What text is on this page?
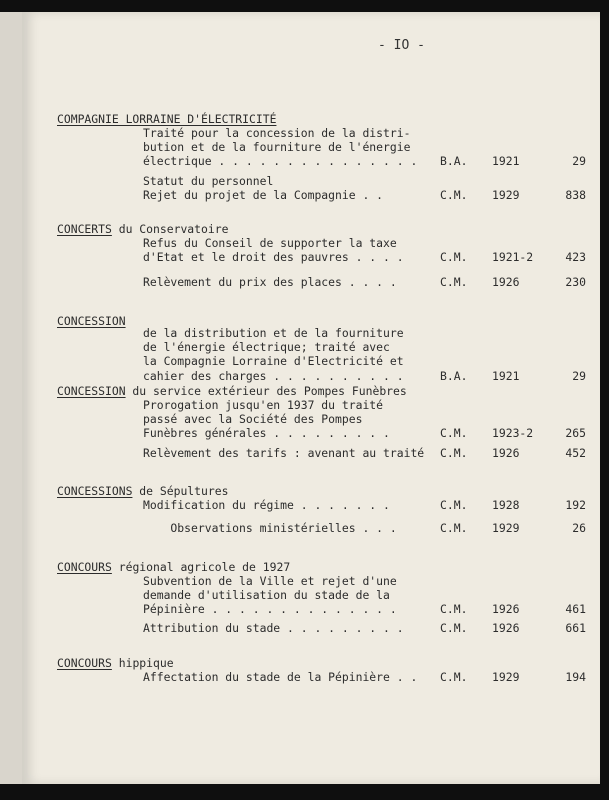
- IO -
COMPAGNIE LORRAINE D'ÉLECTRICITÉ
Traité pour la concession de la distri-
bution et de la fourniture de l'énergie
électrique . . . . . . . . . . . . . . . B.A. 1921	29
Statut du personnel
Rejet du projet de la Compagnie . .	C.M. 1929	838
CONCERTS du Conservatoire
Refus du Conseil de supporter la taxe
d'Etat et le droit des pauvres . . . .	C.M. 1921-2	423
Relèvement du prix des places . . . .	C.M. 1926	230
CONCESSION
de la distribution et de la fourniture
de l'énergie électrique; traité avec
la Compagnie Lorraine d'Electricité et
cahier des charges . . . . . . . . . .	B.A. 1921	29
CONCESSION du service extérieur des Pompes Funèbres
Prorogation jusqu'en 1937 du traité
passé avec la Société des Pompes
Funèbres générales . . . . . . . . .	C.M. 1923-2	265
Relèvement des tarifs : avenant au traité C.M. 1926	452
CONCESSIONS de Sépultures
Modification du régime . . . . . . .	C.M. 1928	192
Observations ministérielles . . .	C.M. 1929	26
CONCOURS régional agricole de 1927
Subvention de la Ville et rejet d'une
demande d'utilisation du stade de la
Pépinière . . . . . . . . . . . . . .	C.M. 1926	461
Attribution du stade . . . . . . . . .	C.M. 1926	661
CONCOURS hippique
Affectation du stade de la Pépinière . . C.M. 1929	194
